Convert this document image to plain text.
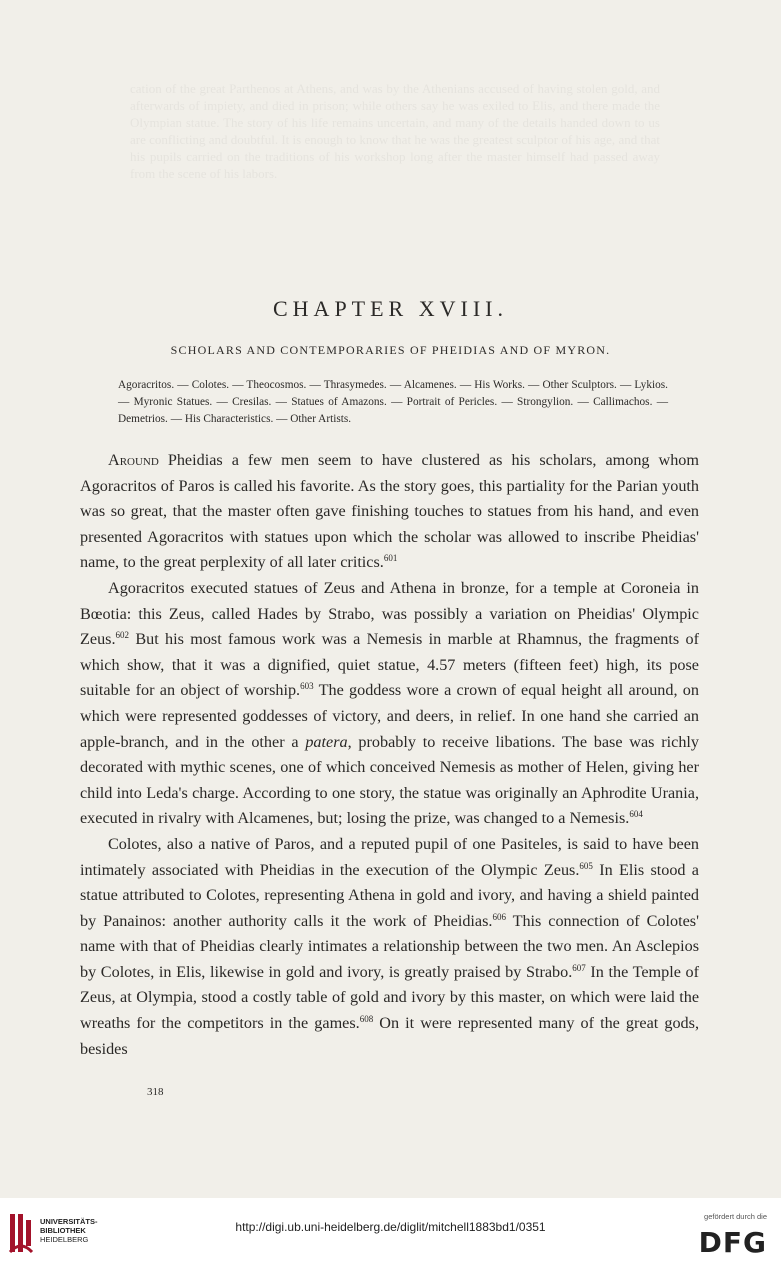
cation of the great Parthenos at Athens, and was by the Athenians accused of having stolen gold, and afterwards of impiety, and died in prison; while others say he was exiled to Elis, and there made the Olympian statue. The story of his life remains uncertain, and many of the details handed down to us are conflicting and doubtful. It is enough to know that he was the greatest sculptor of his age, and that his pupils carried on the traditions of his workshop long after the master himself had passed away from the scene of his labors.
CHAPTER XVIII.
SCHOLARS AND CONTEMPORARIES OF PHEIDIAS AND OF MYRON.
Agoracritos. — Colotes. — Theocosmos. — Thrasymedes. — Alcamenes. — His Works. — Other Sculptors. — Lykios. — Myronic Statues. — Cresilas. — Statues of Amazons. — Portrait of Pericles. — Strongylion. — Callimachos. — Demetrios. — His Characteristics. — Other Artists.

Around Pheidias a few men seem to have clustered as his scholars, among whom Agoracritos of Paros is called his favorite. As the story goes, this partiality for the Parian youth was so great, that the master often gave finishing touches to statues from his hand, and even presented Agoracritos with statues upon which the scholar was allowed to inscribe Pheidias' name, to the great perplexity of all later critics.$^{601}$

Agoracritos executed statues of Zeus and Athena in bronze, for a temple at Coroneia in Bœotia: this Zeus, called Hades by Strabo, was possibly a variation on Pheidias' Olympic Zeus.$^{602}$ But his most famous work was a Nemesis in marble at Rhamnus, the fragments of which show, that it was a dignified, quiet statue, 4.57 meters (fifteen feet) high, its pose suitable for an object of worship.$^{603}$ The goddess wore a crown of equal height all around, on which were represented goddesses of victory, and deers, in relief. In one hand she carried an apple-branch, and in the other a patera, probably to receive libations. The base was richly decorated with mythic scenes, one of which conceived Nemesis as mother of Helen, giving her child into Leda's charge. According to one story, the statue was originally an Aphrodite Urania, executed in rivalry with Alcamenes, but; losing the prize, was changed to a Nemesis.$^{604}$

Colotes, also a native of Paros, and a reputed pupil of one Pasiteles, is said to have been intimately associated with Pheidias in the execution of the Olympic Zeus.$^{605}$ In Elis stood a statue attributed to Colotes, representing Athena in gold and ivory, and having a shield painted by Panainos: another authority calls it the work of Pheidias.$^{606}$ This connection of Colotes' name with that of Pheidias clearly intimates a relationship between the two men. An Asclepios by Colotes, in Elis, likewise in gold and ivory, is greatly praised by Strabo.$^{607}$ In the Temple of Zeus, at Olympia, stood a costly table of gold and ivory by this master, on which were laid the wreaths for the competitors in the games.$^{608}$ On it were represented many of the great gods, besides

318
UNIVERSITÄTS-
BIBLIOTHEK
HEIDELBERG
http://digi.ub.uni-heidelberg.de/diglit/mitchell1883bd1/0351
gefördert durch die
DFG
